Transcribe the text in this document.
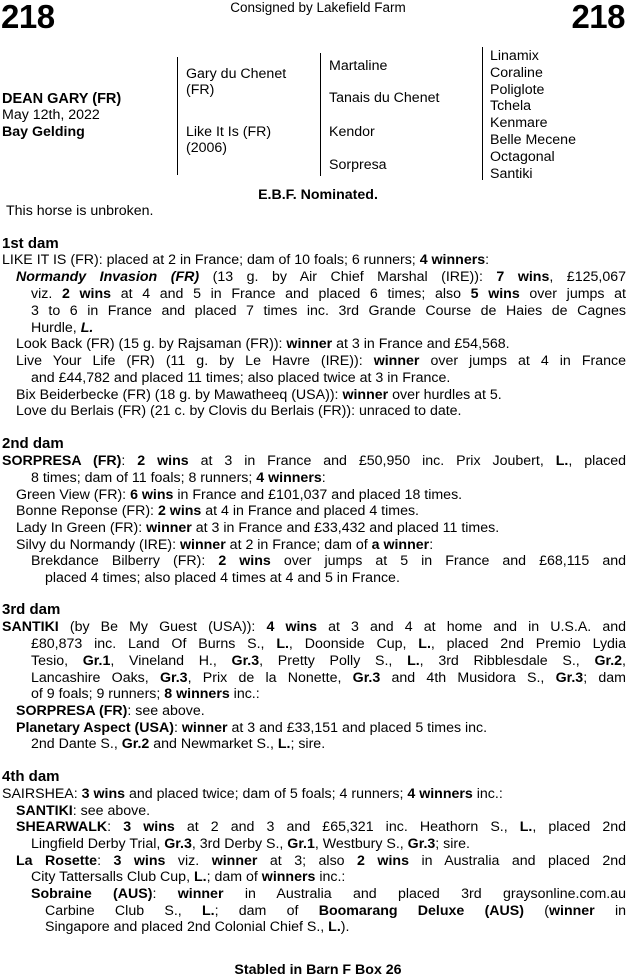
218	218
Consigned by Lakefield Farm
DEAN GARY (FR)
May 12th, 2022
Bay Gelding
Gary du Chenet
(FR)
Like It Is (FR)
(2006)
Martaline
Tanais du Chenet
Kendor
Sorpresa
Linamix
Coraline
Poliglote
Tchela
Kenmare
Belle Mecene
Octagonal
Santiki
E.B.F. Nominated.
This horse is unbroken.
1st dam
LIKE IT IS (FR): placed at 2 in France; dam of 10 foals; 6 runners; 4 winners:
Normandy Invasion (FR) (13 g. by Air Chief Marshal (IRE)): 7 wins, £125,067
viz. 2 wins at 4 and 5 in France and placed 6 times; also 5 wins over jumps at
3 to 6 in France and placed 7 times inc. 3rd Grande Course de Haies de Cagnes
Hurdle, L.
Look Back (FR) (15 g. by Rajsaman (FR)): winner at 3 in France and £54,568.
Live Your Life (FR) (11 g. by Le Havre (IRE)): winner over jumps at 4 in France
and £44,782 and placed 11 times; also placed twice at 3 in France.
Bix Beiderbecke (FR) (18 g. by Mawatheeq (USA)): winner over hurdles at 5.
Love du Berlais (FR) (21 c. by Clovis du Berlais (FR)): unraced to date.
2nd dam
SORPRESA (FR): 2 wins at 3 in France and £50,950 inc. Prix Joubert, L., placed
8 times; dam of 11 foals; 8 runners; 4 winners:
Green View (FR): 6 wins in France and £101,037 and placed 18 times.
Bonne Reponse (FR): 2 wins at 4 in France and placed 4 times.
Lady In Green (FR): winner at 3 in France and £33,432 and placed 11 times.
Silvy du Normandy (IRE): winner at 2 in France; dam of a winner:
Brekdance Bilberry (FR): 2 wins over jumps at 5 in France and £68,115 and
placed 4 times; also placed 4 times at 4 and 5 in France.
3rd dam
SANTIKI (by Be My Guest (USA)): 4 wins at 3 and 4 at home and in U.S.A. and
£80,873 inc. Land Of Burns S., L., Doonside Cup, L., placed 2nd Premio Lydia
Tesio, Gr.1, Vineland H., Gr.3, Pretty Polly S., L., 3rd Ribblesdale S., Gr.2,
Lancashire Oaks, Gr.3, Prix de la Nonette, Gr.3 and 4th Musidora S., Gr.3; dam
of 9 foals; 9 runners; 8 winners inc.:
SORPRESA (FR): see above.
Planetary Aspect (USA): winner at 3 and £33,151 and placed 5 times inc.
2nd Dante S., Gr.2 and Newmarket S., L.; sire.
4th dam
SAIRSHEA: 3 wins and placed twice; dam of 5 foals; 4 runners; 4 winners inc.:
SANTIKI: see above.
SHEARWALK: 3 wins at 2 and 3 and £65,321 inc. Heathorn S., L., placed 2nd
Lingfield Derby Trial, Gr.3, 3rd Derby S., Gr.1, Westbury S., Gr.3; sire.
La Rosette: 3 wins viz. winner at 3; also 2 wins in Australia and placed 2nd
City Tattersalls Club Cup, L.; dam of winners inc.:
Sobraine (AUS): winner in Australia and placed 3rd graysonline.com.au
Carbine Club S., L.; dam of Boomarang Deluxe (AUS) (winner in
Singapore and placed 2nd Colonial Chief S., L.).
Stabled in Barn F Box 26
